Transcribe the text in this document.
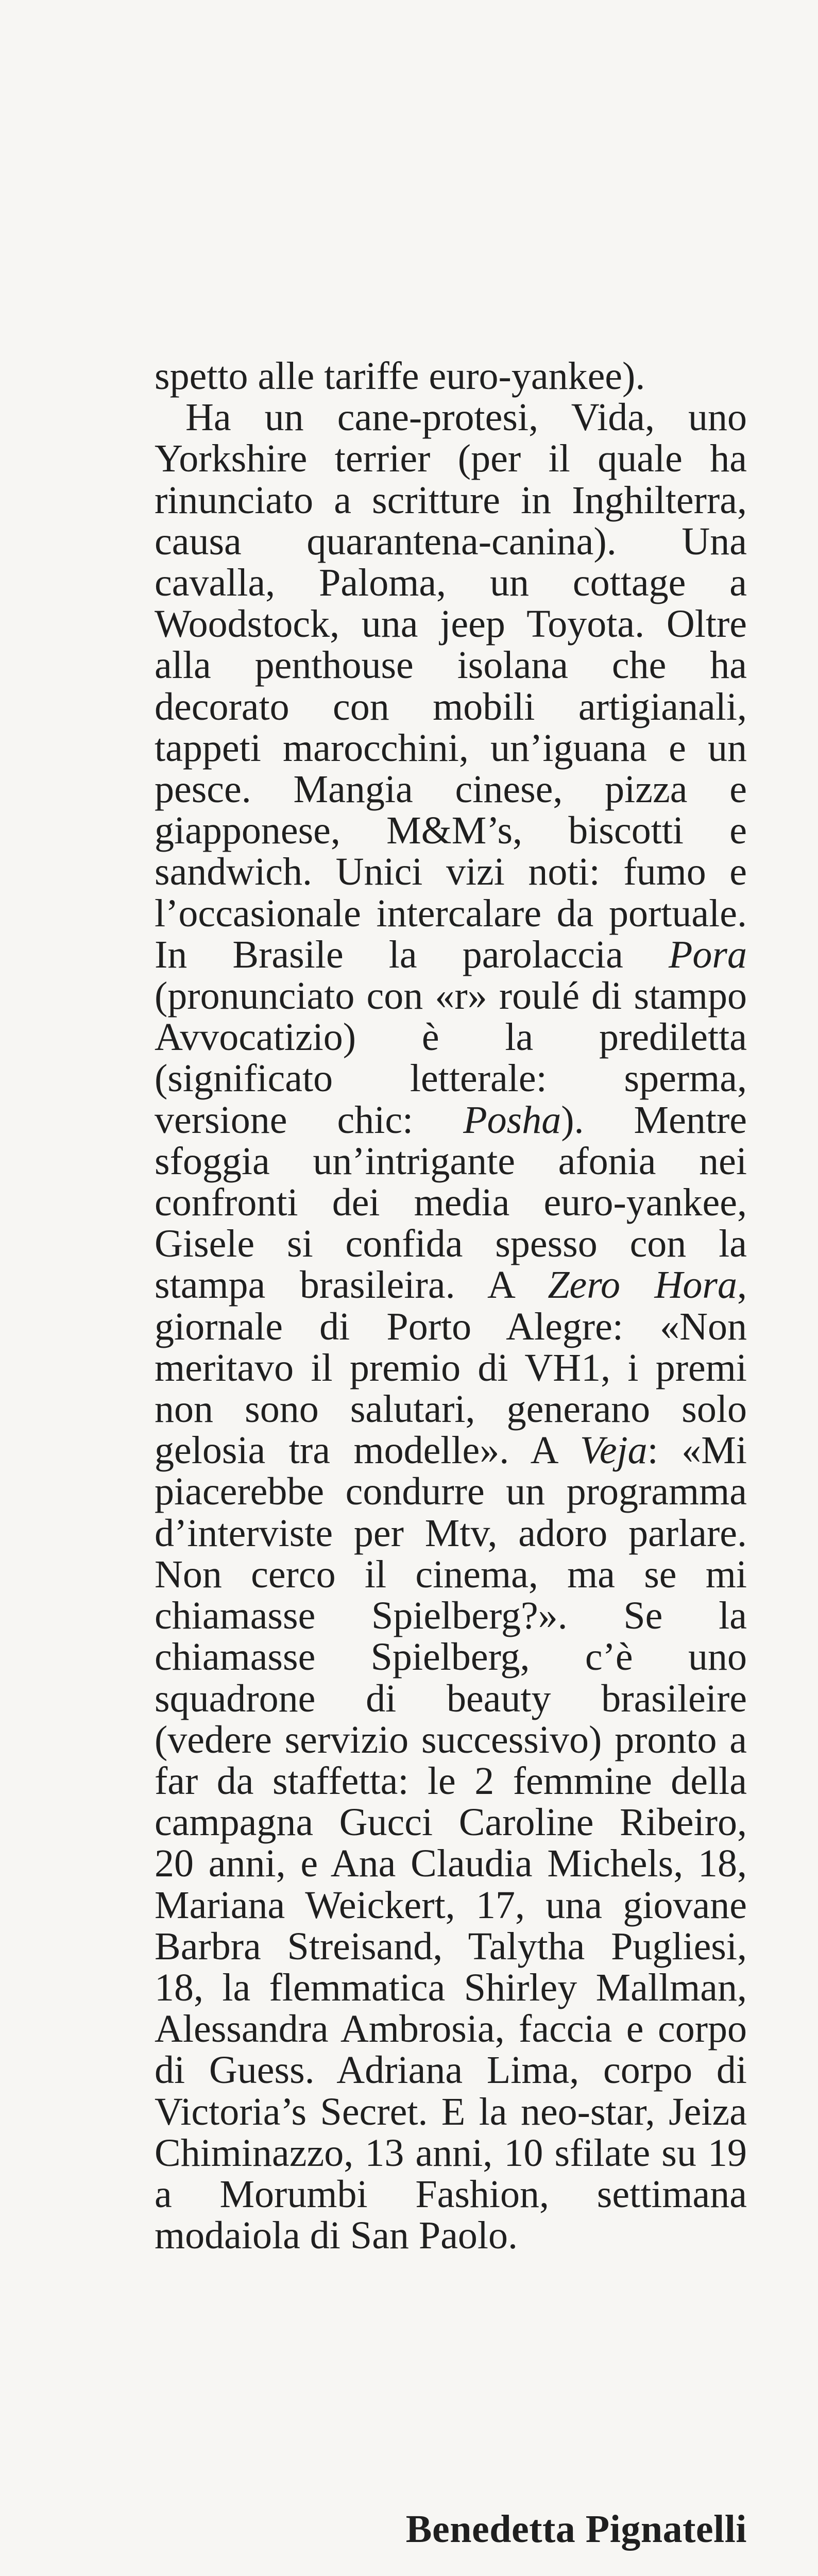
spetto alle tariffe euro-yankee).

Ha un cane-protesi, Vida, uno Yorkshire terrier (per il quale ha rinunciato a scritture in Inghilterra, causa quarantena-canina). Una cavalla, Paloma, un cottage a Woodstock, una jeep Toyota. Oltre alla penthouse isolana che ha decorato con mobili artigianali, tappeti marocchini, un’iguana e un pesce. Mangia cinese, pizza e giapponese, M&M’s, biscotti e sandwich. Unici vizi noti: fumo e l’occasionale intercalare da portuale. In Brasile la parolaccia Pora (pronunciato con «r» roulé di stampo Avvocatizio) è la prediletta (significato letterale: sperma, versione chic: Posha). Mentre sfoggia un’intrigante afonia nei confronti dei media euro-yankee, Gisele si confida spesso con la stampa brasileira. A Zero Hora, giornale di Porto Alegre: «Non meritavo il premio di VH1, i premi non sono salutari, generano solo gelosia tra modelle». A Veja: «Mi piacerebbe condurre un programma d’interviste per Mtv, adoro parlare. Non cerco il cinema, ma se mi chiamasse Spielberg?». Se la chiamasse Spielberg, c’è uno squadrone di beauty brasileire (vedere servizio successivo) pronto a far da staffetta: le 2 femmine della campagna Gucci Caroline Ribeiro, 20 anni, e Ana Claudia Michels, 18, Mariana Weickert, 17, una giovane Barbra Streisand, Talytha Pugliesi, 18, la flemmatica Shirley Mallman, Alessandra Ambrosia, faccia e corpo di Guess. Adriana Lima, corpo di Victoria’s Secret. E la neo-star, Jeiza Chiminazzo, 13 anni, 10 sfilate su 19 a Morumbi Fashion, settimana modaiola di San Paolo.

Benedetta Pignatelli
